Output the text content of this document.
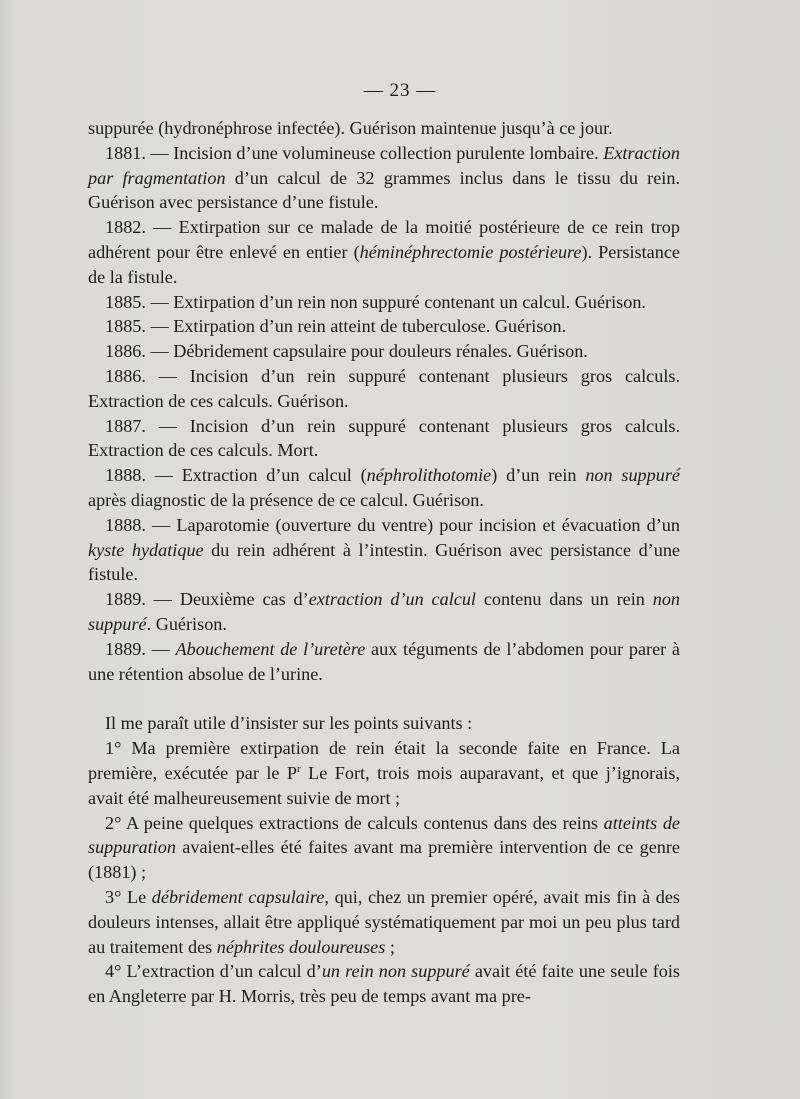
— 23 —

suppurée (hydronéphrose infectée). Guérison maintenue jusqu’à ce jour.

1881. — Incision d’une volumineuse collection purulente lombaire. Extraction par fragmentation d’un calcul de 32 grammes inclus dans le tissu du rein. Guérison avec persistance d’une fistule.

1882. — Extirpation sur ce malade de la moitié postérieure de ce rein trop adhérent pour être enlevé en entier (héminéphrectomie postérieure). Persistance de la fistule.

1885. — Extirpation d’un rein non suppuré contenant un calcul. Guérison.

1885. — Extirpation d’un rein atteint de tuberculose. Guérison.

1886. — Débridement capsulaire pour douleurs rénales. Guérison.

1886. — Incision d’un rein suppuré contenant plusieurs gros calculs. Extraction de ces calculs. Guérison.

1887. — Incision d’un rein suppuré contenant plusieurs gros calculs. Extraction de ces calculs. Mort.

1888. — Extraction d’un calcul (néphrolithotomie) d’un rein non suppuré après diagnostic de la présence de ce calcul. Guérison.

1888. — Laparotomie (ouverture du ventre) pour incision et évacuation d’un kyste hydatique du rein adhérent à l’intestin. Guérison avec persistance d’une fistule.

1889. — Deuxième cas d’extraction d’un calcul contenu dans un rein non suppuré. Guérison.

1889. — Abouchement de l’uretère aux téguments de l’abdomen pour parer à une rétention absolue de l’urine.

Il me paraît utile d’insister sur les points suivants :

1° Ma première extirpation de rein était la seconde faite en France. La première, exécutée par le $P^r$ Le Fort, trois mois auparavant, et que j’ignorais, avait été malheureusement suivie de mort ;

2° A peine quelques extractions de calculs contenus dans des reins atteints de suppuration avaient-elles été faites avant ma première intervention de ce genre (1881) ;

3° Le débridement capsulaire, qui, chez un premier opéré, avait mis fin à des douleurs intenses, allait être appliqué systématiquement par moi un peu plus tard au traitement des néphrites douloureuses ;

4° L’extraction d’un calcul d’un rein non suppuré avait été faite une seule fois en Angleterre par H. Morris, très peu de temps avant ma pre-
